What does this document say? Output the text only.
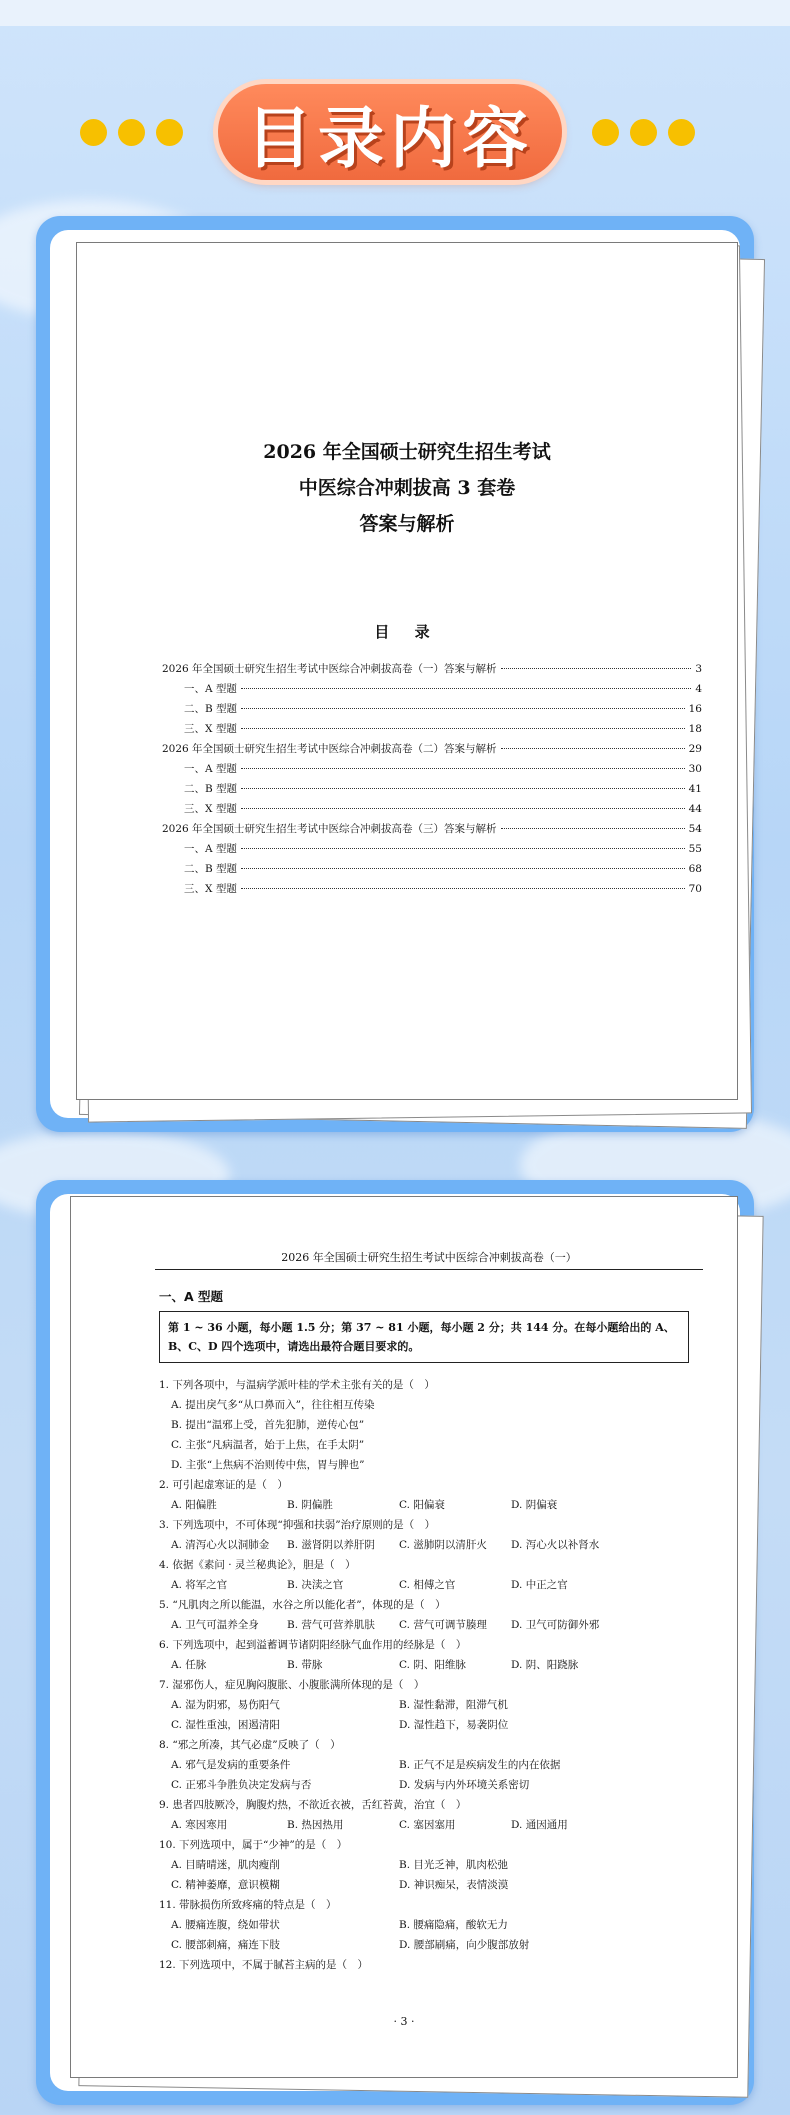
目录内容
2026 年全国硕士研究生招生考试
中医综合冲刺拔高 3 套卷
答案与解析
目 录
2026 年全国硕士研究生招生考试中医综合冲刺拔高卷（一）答案与解析	3
一、A 型题	4
二、B 型题	16
三、X 型题	18
2026 年全国硕士研究生招生考试中医综合冲刺拔高卷（二）答案与解析	29
一、A 型题	30
二、B 型题	41
三、X 型题	44
2026 年全国硕士研究生招生考试中医综合冲刺拔高卷（三）答案与解析	54
一、A 型题	55
二、B 型题	68
三、X 型题	70
2026 年全国硕士研究生招生考试中医综合冲刺拔高卷（一）
一、A 型题
第 1 ~ 36 小题，每小题 1.5 分；第 37 ~ 81 小题，每小题 2 分；共 144 分。在每小题给出的 A、B、C、D 四个选项中，请选出最符合题目要求的。
1. 下列各项中，与温病学派叶桂的学术主张有关的是（　）
A. 提出戾气多“从口鼻而入”，往往相互传染
B. 提出“温邪上受，首先犯肺，逆传心包”
C. 主张“凡病温者，始于上焦，在手太阴”
D. 主张“上焦病不治则传中焦，胃与脾也”
2. 可引起虚寒证的是（　）
A. 阳偏胜	B. 阴偏胜	C. 阳偏衰	D. 阴偏衰
3. 下列选项中，不可体现“抑强和扶弱”治疗原则的是（　）
A. 清泻心火以洞肺金	B. 滋肾阴以养肝阴	C. 滋肺阴以清肝火	D. 泻心火以补肾水
4. 依据《素问 · 灵兰秘典论》，胆是（　）
A. 将军之官	B. 决渎之官	C. 相傅之官	D. 中正之官
5. “凡肌肉之所以能温，水谷之所以能化者”，体现的是（　）
A. 卫气可温养全身	B. 营气可营养肌肤	C. 营气可调节腠理	D. 卫气可防御外邪
6. 下列选项中，起到溢蓄调节诸阴阳经脉气血作用的经脉是（　）
A. 任脉	B. 带脉	C. 阴、阳维脉	D. 阴、阳跷脉
7. 湿邪伤人，症见胸闷腹胀、小腹胀满所体现的是（　）
A. 湿为阴邪，易伤阳气	B. 湿性黏滞，阻滞气机
C. 湿性重浊，困遏清阳	D. 湿性趋下，易袭阴位
8. “邪之所凑，其气必虚”反映了（　）
A. 邪气是发病的重要条件	B. 正气不足是疾病发生的内在依据
C. 正邪斗争胜负决定发病与否	D. 发病与内外环境关系密切
9. 患者四肢厥冷，胸腹灼热，不欲近衣被，舌红苔黄，治宜（　）
A. 寒因寒用	B. 热因热用	C. 塞因塞用	D. 通因通用
10. 下列选项中，属于“少神”的是（　）
A. 目睛晴迷，肌肉瘦削	B. 目光乏神，肌肉松弛
C. 精神萎靡，意识模糊	D. 神识痴呆，表情淡漠
11. 带脉损伤所致疼痛的特点是（　）
A. 腰痛连腹，绕如带状	B. 腰痛隐痛，酸软无力
C. 腰部刺痛，痛连下肢	D. 腰部刷痛，向少腹部放射
12. 下列选项中，不属于腻苔主病的是（　）
· 3 ·
